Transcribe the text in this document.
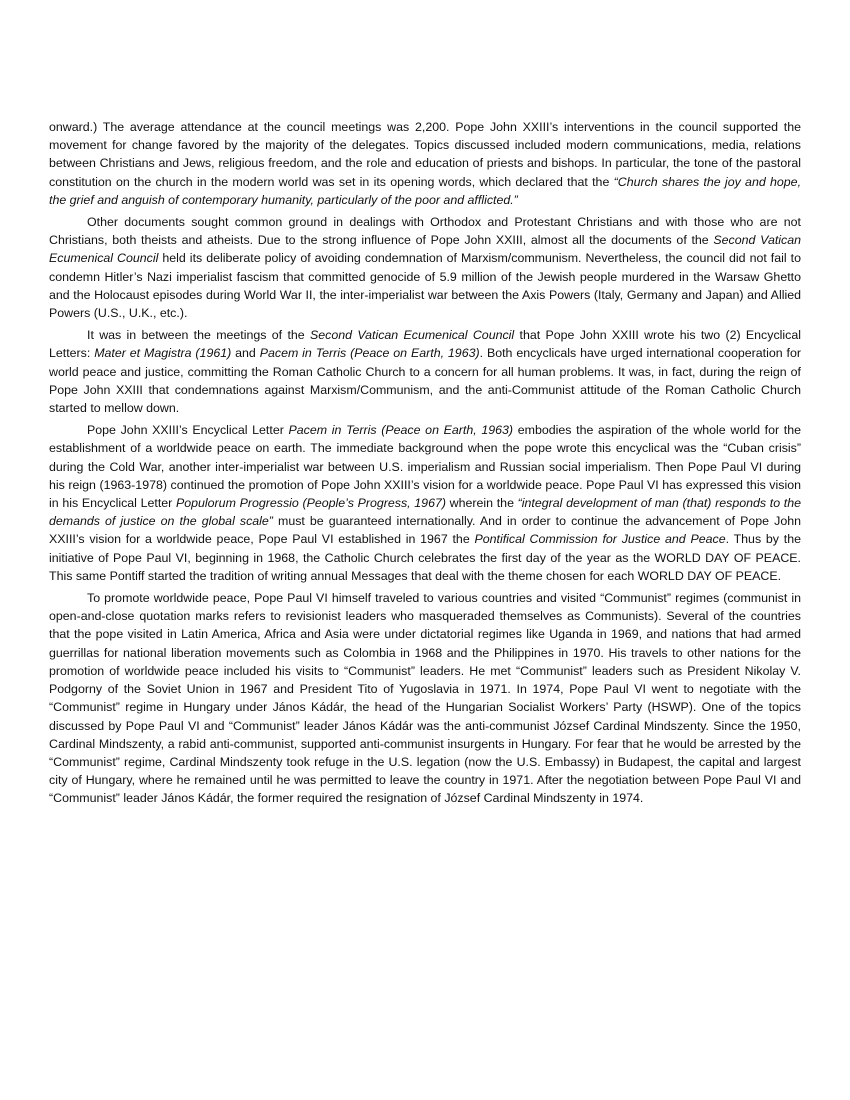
onward.) The average attendance at the council meetings was 2,200. Pope John XXIII’s interventions in the council supported the movement for change favored by the majority of the delegates. Topics discussed included modern communications, media, relations between Christians and Jews, religious freedom, and the role and education of priests and bishops. In particular, the tone of the pastoral constitution on the church in the modern world was set in its opening words, which declared that the “Church shares the joy and hope, the grief and anguish of contemporary humanity, particularly of the poor and afflicted.”

Other documents sought common ground in dealings with Orthodox and Protestant Christians and with those who are not Christians, both theists and atheists. Due to the strong influence of Pope John XXIII, almost all the documents of the Second Vatican Ecumenical Council held its deliberate policy of avoiding condemnation of Marxism/communism. Nevertheless, the council did not fail to condemn Hitler’s Nazi imperialist fascism that committed genocide of 5.9 million of the Jewish people murdered in the Warsaw Ghetto and the Holocaust episodes during World War II, the inter-imperialist war between the Axis Powers (Italy, Germany and Japan) and Allied Powers (U.S., U.K., etc.).

It was in between the meetings of the Second Vatican Ecumenical Council that Pope John XXIII wrote his two (2) Encyclical Letters: Mater et Magistra (1961) and Pacem in Terris (Peace on Earth, 1963). Both encyclicals have urged international cooperation for world peace and justice, committing the Roman Catholic Church to a concern for all human problems. It was, in fact, during the reign of Pope John XXIII that condemnations against Marxism/Communism, and the anti-Communist attitude of the Roman Catholic Church started to mellow down.

Pope John XXIII’s Encyclical Letter Pacem in Terris (Peace on Earth, 1963) embodies the aspiration of the whole world for the establishment of a worldwide peace on earth. The immediate background when the pope wrote this encyclical was the “Cuban crisis” during the Cold War, another inter-imperialist war between U.S. imperialism and Russian social imperialism. Then Pope Paul VI during his reign (1963-1978) continued the promotion of Pope John XXIII’s vision for a worldwide peace. Pope Paul VI has expressed this vision in his Encyclical Letter Populorum Progressio (People’s Progress, 1967) wherein the “integral development of man (that) responds to the demands of justice on the global scale” must be guaranteed internationally. And in order to continue the advancement of Pope John XXIII’s vision for a worldwide peace, Pope Paul VI established in 1967 the Pontifical Commission for Justice and Peace. Thus by the initiative of Pope Paul VI, beginning in 1968, the Catholic Church celebrates the first day of the year as the WORLD DAY OF PEACE. This same Pontiff started the tradition of writing annual Messages that deal with the theme chosen for each WORLD DAY OF PEACE.

To promote worldwide peace, Pope Paul VI himself traveled to various countries and visited “Communist” regimes (communist in open-and-close quotation marks refers to revisionist leaders who masqueraded themselves as Communists). Several of the countries that the pope visited in Latin America, Africa and Asia were under dictatorial regimes like Uganda in 1969, and nations that had armed guerrillas for national liberation movements such as Colombia in 1968 and the Philippines in 1970. His travels to other nations for the promotion of worldwide peace included his visits to “Communist” leaders. He met “Communist” leaders such as President Nikolay V. Podgorny of the Soviet Union in 1967 and President Tito of Yugoslavia in 1971. In 1974, Pope Paul VI went to negotiate with the “Communist” regime in Hungary under János Kádár, the head of the Hungarian Socialist Workers’ Party (HSWP). One of the topics discussed by Pope Paul VI and “Communist” leader János Kádár was the anti-communist József Cardinal Mindszenty. Since the 1950, Cardinal Mindszenty, a rabid anti-communist, supported anti-communist insurgents in Hungary. For fear that he would be arrested by the “Communist” regime, Cardinal Mindszenty took refuge in the U.S. legation (now the U.S. Embassy) in Budapest, the capital and largest city of Hungary, where he remained until he was permitted to leave the country in 1971. After the negotiation between Pope Paul VI and “Communist” leader János Kádár, the former required the resignation of József Cardinal Mindszenty in 1974.
